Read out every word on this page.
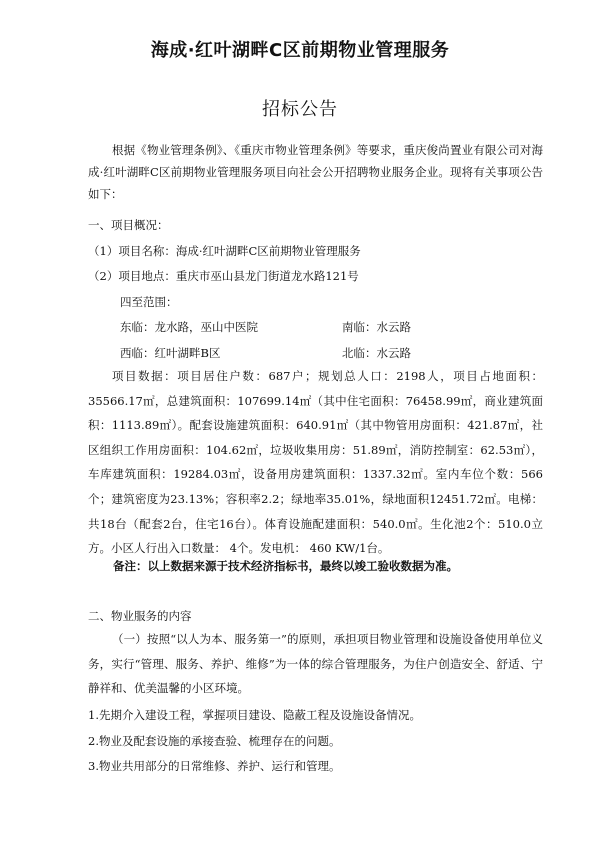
海成·红叶湖畔C区前期物业管理服务
招标公告

根据《物业管理条例》、《重庆市物业管理条例》等要求，重庆俊尚置业有限公司对海成·红叶湖畔C区前期物业管理服务项目向社会公开招聘物业服务企业。现将有关事项公告如下：

一、项目概况：
（1）项目名称：海成·红叶湖畔C区前期物业管理服务
（2）项目地点：重庆市巫山县龙门街道龙水路121号
四至范围：
东临：龙水路，巫山中医院	南临：水云路
西临：红叶湖畔B区	北临：水云路

项目数据：项目居住户数：687户；规划总人口：2198人，项目占地面积：35566.17㎡，总建筑面积：107699.14㎡（其中住宅面积：76458.99㎡，商业建筑面积：1113.89㎡）。配套设施建筑面积：640.91㎡（其中物管用房面积：421.87㎡，社区组织工作用房面积：104.62㎡，垃圾收集用房：51.89㎡，消防控制室：62.53㎡），车库建筑面积：19284.03㎡，设备用房建筑面积：1337.32㎡。室内车位个数：566个；建筑密度为23.13%；容积率2.2；绿地率35.01%，绿地面积12451.72㎡。电梯：共18台（配套2台，住宅16台）。体育设施配建面积：540.0㎡。生化池2个：510.0立方。小区人行出入口数量： 4个。发电机： 460 KW/1台。

备注：以上数据来源于技术经济指标书，最终以竣工验收数据为准。
二、物业服务的内容

（一）按照“以人为本、服务第一”的原则，承担项目物业管理和设施设备使用单位义务，实行“管理、服务、养护、维修”为一体的综合管理服务，为住户创造安全、舒适、宁静祥和、优美温馨的小区环境。

1.先期介入建设工程，掌握项目建设、隐蔽工程及设施设备情况。
2.物业及配套设施的承接查验、梳理存在的问题。
3.物业共用部分的日常维修、养护、运行和管理。
